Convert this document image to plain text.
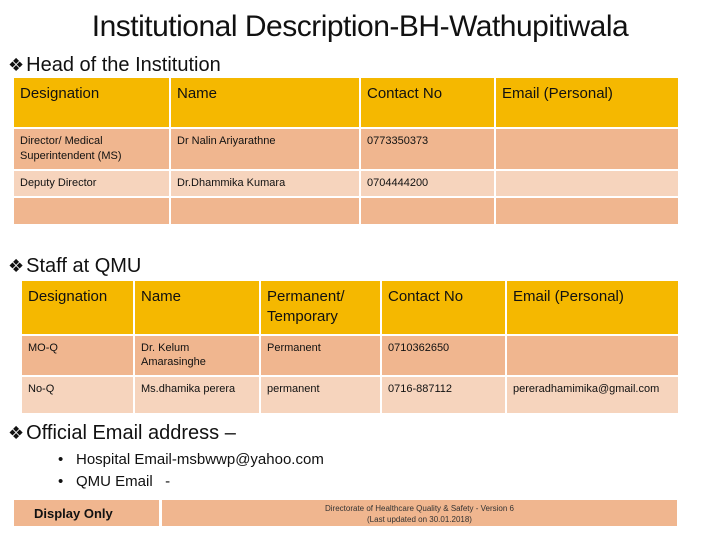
Institutional Description-BH-Wathupitiwala
❖ Head of the Institution
Designation	Name	Contact No	Email (Personal)
Director/ Medical Superintendent (MS)	Dr Nalin Ariyarathne	0773350373	
Deputy Director	Dr.Dhammika Kumara	0704444200	

❖ Staff at QMU
Designation	Name	Permanent/ Temporary	Contact No	Email (Personal)
MO-Q	Dr. Kelum Amarasinghe	Permanent	0710362650	
No-Q	Ms.dhamika perera	permanent	0716-887112	pereradhamimika@gmail.com
❖ Official Email address –
• Hospital Email-msbwwp@yahoo.com
• QMU Email   -
Display Only	Directorate of Healthcare Quality & Safety - Version 6
(Last updated on 30.01.2018)
